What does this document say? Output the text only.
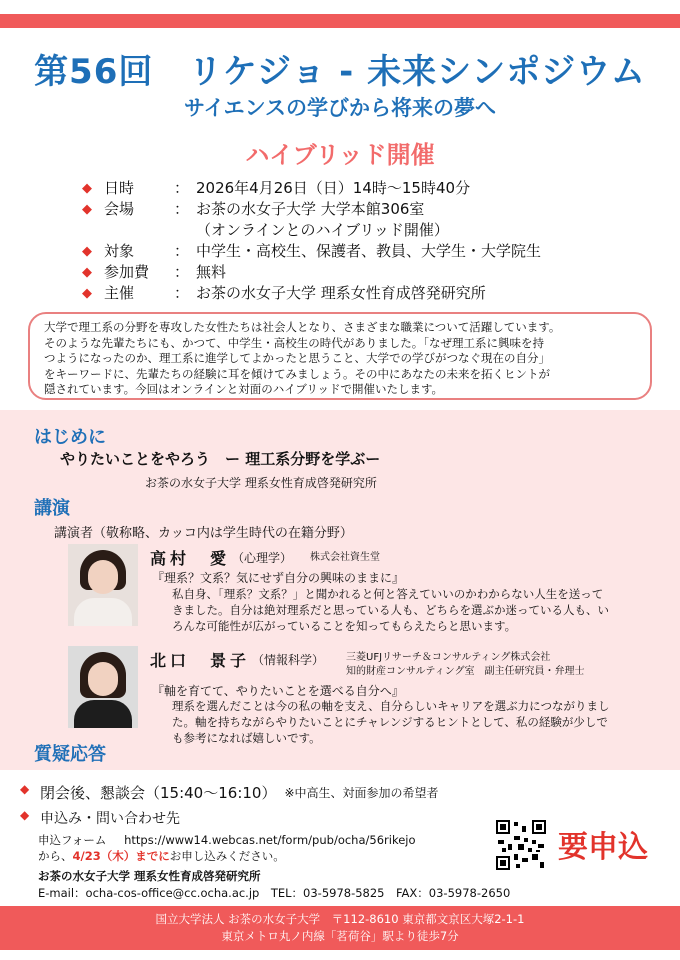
第56回　リケジョ - 未来シンポジウム
サイエンスの学びから将来の夢へ
ハイブリッド開催
◆ 日時	： 2026年4月26日（日）14時～15時40分
◆ 会場	： お茶の水女子大学 大学本館306室
（オンラインとのハイブリッド開催）
◆ 対象	： 中学生・高校生、保護者、教員、大学生・大学院生
◆ 参加費	： 無料
◆ 主催	： お茶の水女子大学 理系女性育成啓発研究所
大学で理工系の分野を専攻した女性たちは社会人となり、さまざまな職業について活躍しています。
そのような先輩たちにも、かつて、中学生・高校生の時代がありました。「なぜ理工系に興味を持
つようになったのか、理工系に進学してよかったと思うこと、大学での学びがつなぐ現在の自分」
をキーワードに、先輩たちの経験に耳を傾けてみましょう。その中にあなたの未来を拓くヒントが
隠されています。今回はオンラインと対面のハイブリッドで開催いたします。
はじめに
やりたいことをやろう　ー 理工系分野を学ぶー
お茶の水女子大学 理系女性育成啓発研究所
講演
講演者（敬称略、カッコ内は学生時代の在籍分野）
高村　愛 （心理学） 株式会社資生堂
『理系？文系？気にせず自分の興味のままに』
私自身、「理系？文系？」と聞かれると何と答えていいのかわからない人生を送って
きました。自分は絶対理系だと思っている人も、どちらを選ぶか迷っている人も、い
ろんな可能性が広がっていることを知ってもらえたらと思います。
北口　景子 （情報科学） 三菱UFJリサーチ＆コンサルティング株式会社
知的財産コンサルティング室　副主任研究員・弁理士
『軸を育てて、やりたいことを選べる自分へ』
理系を選んだことは今の私の軸を支え、自分らしいキャリアを選ぶ力につながりまし
た。軸を持ちながらやりたいことにチャレンジするヒントとして、私の経験が少しで
も参考になれば嬉しいです。
質疑応答
◆ 閉会後、懇談会（15:40～16:10） ※中高生、対面参加の希望者
◆ 申込み・問い合わせ先
申込フォーム https://www14.webcas.net/form/pub/ocha/56rikejo
から、4/23（木）までにお申し込みください。
お茶の水女子大学 理系女性育成啓発研究所
E-mail：ocha-cos-office@cc.ocha.ac.jp　TEL：03-5978-5825　FAX：03-5978-2650
要申込
国立大学法人 お茶の水女子大学　〒112-8610 東京都文京区大塚2-1-1
東京メトロ丸ノ内線「茗荷谷」駅より徒歩7分
